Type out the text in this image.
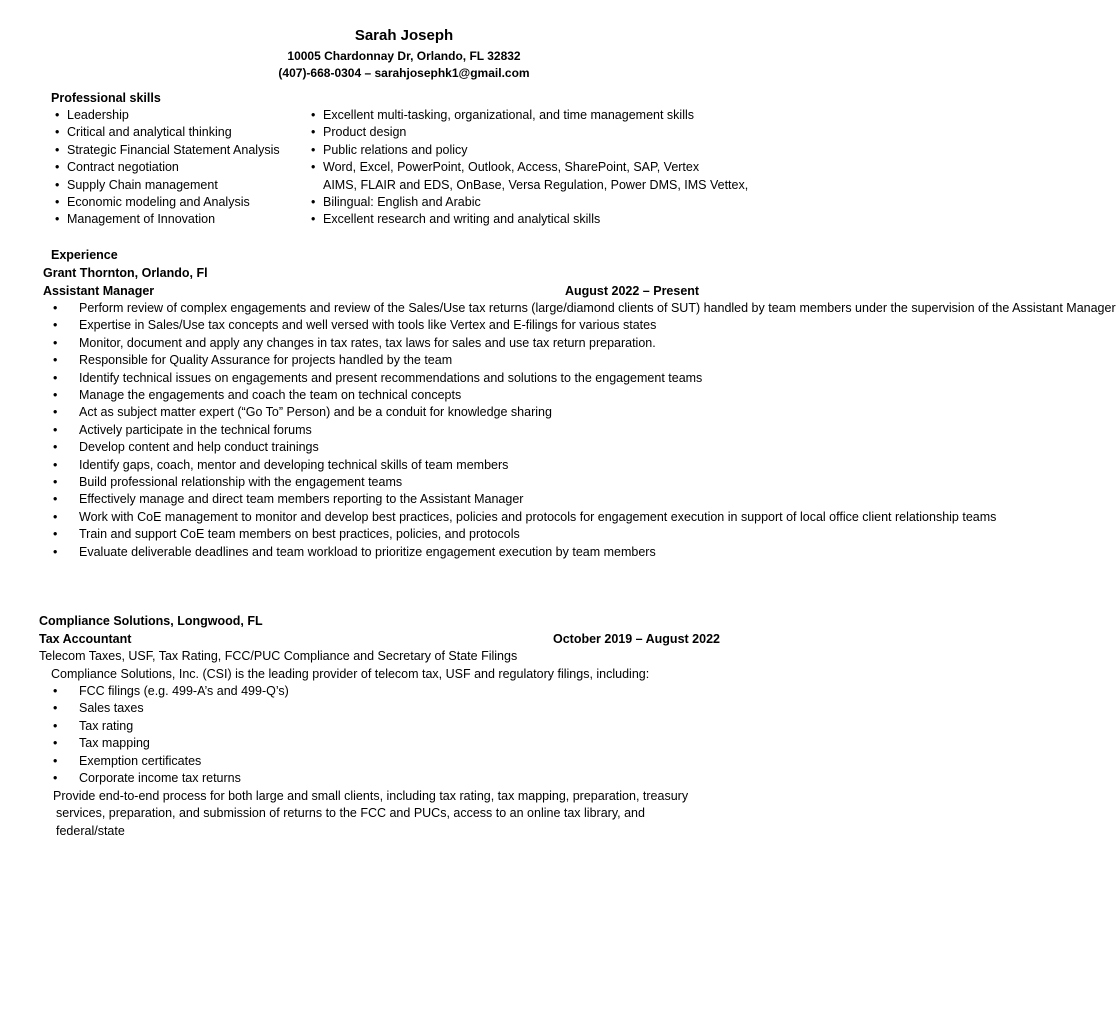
Sarah Joseph
10005 Chardonnay Dr, Orlando, FL 32832
(407)-668-0304 – sarahjosephk1@gmail.com
Professional skills
• Leadership
• Critical and analytical thinking
• Strategic Financial Statement Analysis
• Contract negotiation
• Supply Chain management
• Economic modeling and Analysis
• Management of Innovation
• Excellent multi-tasking, organizational, and time management skills
• Product design
• Public relations and policy
• Word, Excel, PowerPoint, Outlook, Access, SharePoint, SAP, Vertex
AIMS, FLAIR and EDS, OnBase, Versa Regulation, Power DMS, IMS Vettex,
• Bilingual: English and Arabic
• Excellent research and writing and analytical skills
Experience
Grant Thornton, Orlando, Fl
Assistant Manager	August 2022 – Present
• Perform review of complex engagements and review of the Sales/Use tax returns (large/diamond clients of SUT) handled by team members under the supervision of the Assistant Manager
• Expertise in Sales/Use tax concepts and well versed with tools like Vertex and E-filings for various states
• Monitor, document and apply any changes in tax rates, tax laws for sales and use tax return preparation.
• Responsible for Quality Assurance for projects handled by the team
• Identify technical issues on engagements and present recommendations and solutions to the engagement teams
• Manage the engagements and coach the team on technical concepts
• Act as subject matter expert (“Go To” Person) and be a conduit for knowledge sharing
• Actively participate in the technical forums
• Develop content and help conduct trainings
• Identify gaps, coach, mentor and developing technical skills of team members
• Build professional relationship with the engagement teams
• Effectively manage and direct team members reporting to the Assistant Manager
• Work with CoE management to monitor and develop best practices, policies and protocols for engagement execution in support of local office client relationship teams
• Train and support CoE team members on best practices, policies, and protocols
• Evaluate deliverable deadlines and team workload to prioritize engagement execution by team members
Compliance Solutions, Longwood, FL
Tax Accountant	October 2019 – August 2022
Telecom Taxes, USF, Tax Rating, FCC/PUC Compliance and Secretary of State Filings
Compliance Solutions, Inc. (CSI) is the leading provider of telecom tax, USF and regulatory filings, including:
• FCC filings (e.g. 499-A’s and 499-Q’s)
• Sales taxes
• Tax rating
• Tax mapping
• Exemption certificates
• Corporate income tax returns
Provide end-to-end process for both large and small clients, including tax rating, tax mapping, preparation, treasury
services, preparation, and submission of returns to the FCC and PUCs, access to an online tax library, and
federal/state
